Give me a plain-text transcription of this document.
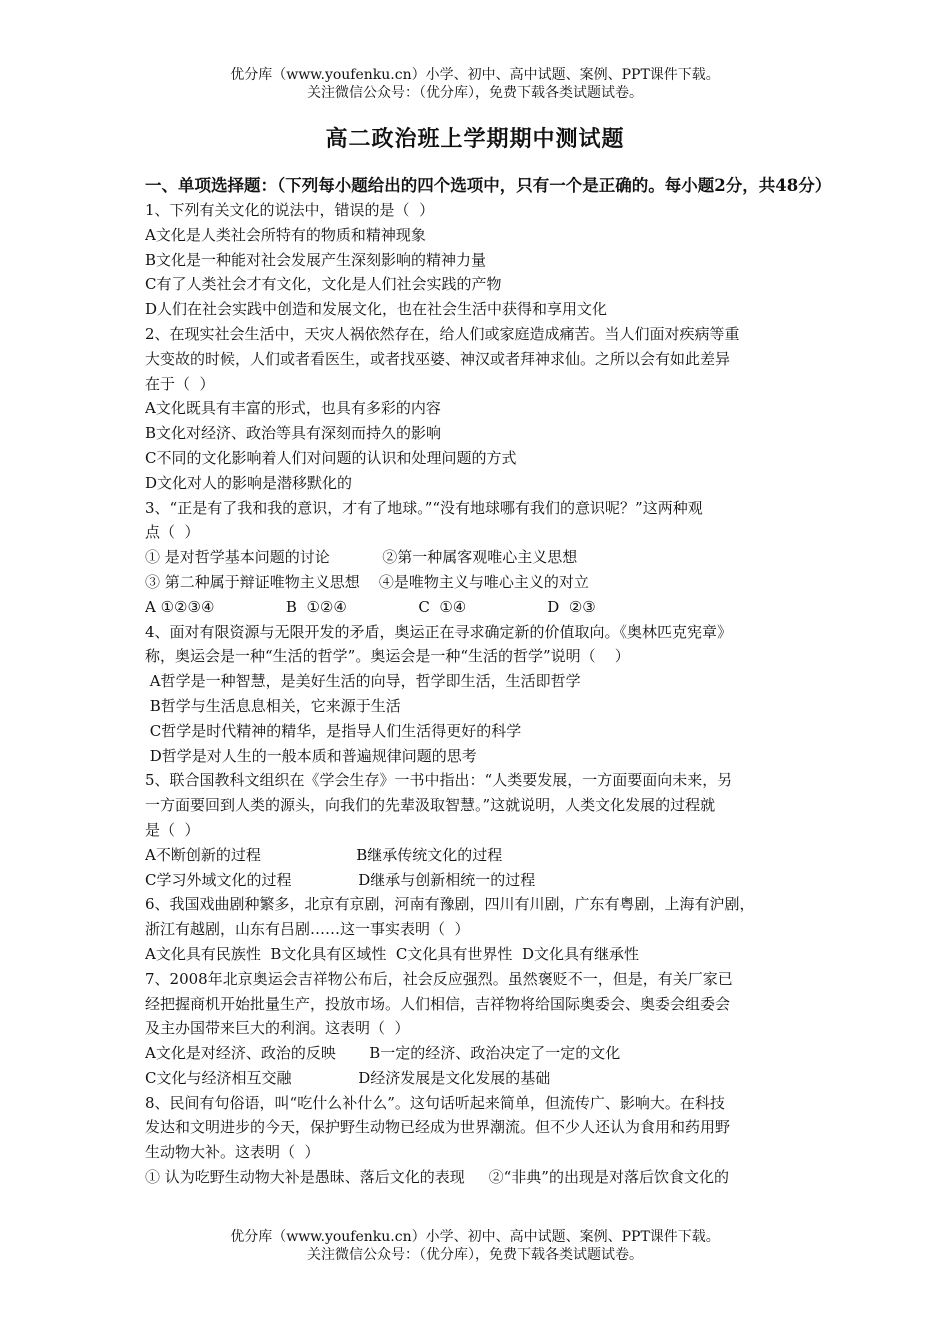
优分库（www.youfenku.cn）小学、初中、高中试题、案例、PPT课件下载。
关注微信公众号：（优分库），免费下载各类试题试卷。
高二政治班上学期期中测试题
一、单项选择题：（下列每小题给出的四个选项中，只有一个是正确的。每小题2分，共48分）
1、下列有关文化的说法中，错误的是（  ）
A文化是人类社会所特有的物质和精神现象
B文化是一种能对社会发展产生深刻影响的精神力量
C有了人类社会才有文化，文化是人们社会实践的产物
D人们在社会实践中创造和发展文化，也在社会生活中获得和享用文化
2、在现实社会生活中，天灾人祸依然存在，给人们或家庭造成痛苦。当人们面对疾病等重
大变故的时候，人们或者看医生，或者找巫婆、神汉或者拜神求仙。之所以会有如此差异
在于（  ）
A文化既具有丰富的形式，也具有多彩的内容
B文化对经济、政治等具有深刻而持久的影响
C不同的文化影响着人们对问题的认识和处理问题的方式
D文化对人的影响是潜移默化的
3、“正是有了我和我的意识，才有了地球。”“没有地球哪有我们的意识呢？”这两种观
点（  ）
① 是对哲学基本问题的讨论           ②第一种属客观唯心主义思想
③ 第二种属于辩证唯物主义思想    ④是唯物主义与唯心主义的对立
A ①②③④               B  ①②④               C  ①④                 D  ②③
4、面对有限资源与无限开发的矛盾，奥运正在寻求确定新的价值取向。《奥林匹克宪章》
称，奥运会是一种“生活的哲学”。奥运会是一种“生活的哲学”说明（    ）
A哲学是一种智慧，是美好生活的向导，哲学即生活，生活即哲学
B哲学与生活息息相关，它来源于生活
C哲学是时代精神的精华，是指导人们生活得更好的科学
D哲学是对人生的一般本质和普遍规律问题的思考
5、联合国教科文组织在《学会生存》一书中指出：“人类要发展，一方面要面向未来，另
一方面要回到人类的源头，向我们的先辈汲取智慧。”这就说明，人类文化发展的过程就
是（  ）
A不断创新的过程                    B继承传统文化的过程
C学习外域文化的过程              D继承与创新相统一的过程
6、我国戏曲剧种繁多，北京有京剧，河南有豫剧，四川有川剧，广东有粤剧，上海有沪剧，
浙江有越剧，山东有吕剧……这一事实表明（  ）
A文化具有民族性  B文化具有区域性  C文化具有世界性  D文化具有继承性
7、2008年北京奥运会吉祥物公布后，社会反应强烈。虽然褒贬不一，但是，有关厂家已
经把握商机开始批量生产，投放市场。人们相信，吉祥物将给国际奥委会、奥委会组委会
及主办国带来巨大的利润。这表明（  ）
A文化是对经济、政治的反映       B一定的经济、政治决定了一定的文化
C文化与经济相互交融              D经济发展是文化发展的基础
8、民间有句俗语，叫“吃什么补什么”。这句话听起来简单，但流传广、影响大。在科技
发达和文明进步的今天，保护野生动物已经成为世界潮流。但不少人还认为食用和药用野
生动物大补。这表明（  ）
① 认为吃野生动物大补是愚昧、落后文化的表现     ②“非典”的出现是对落后饮食文化的
优分库（www.youfenku.cn）小学、初中、高中试题、案例、PPT课件下载。
关注微信公众号：（优分库），免费下载各类试题试卷。
